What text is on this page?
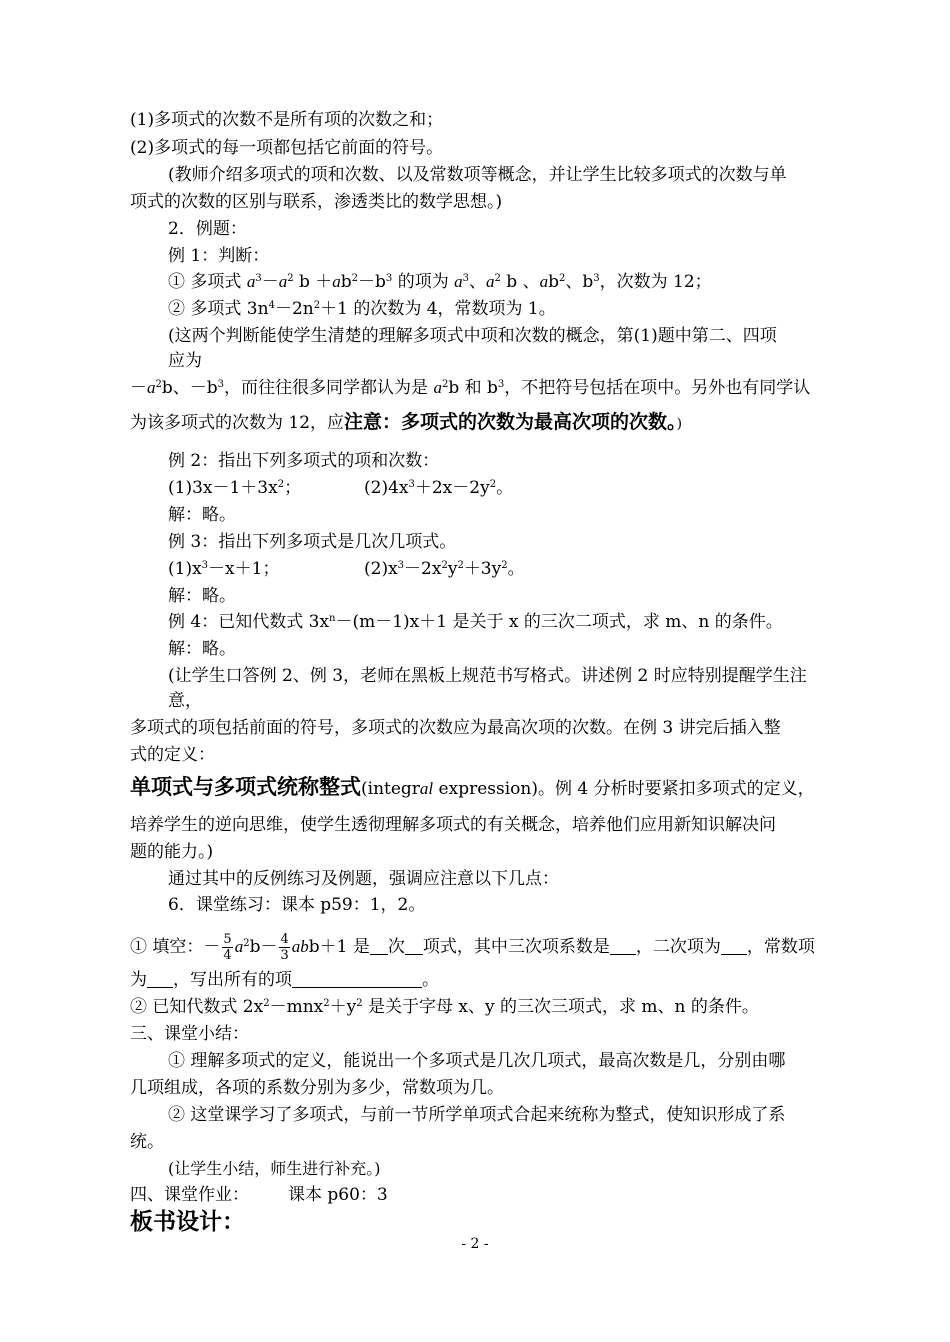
(1)多项式的次数不是所有项的次数之和；
(2)多项式的每一项都包括它前面的符号。
(教师介绍多项式的项和次数、以及常数项等概念，并让学生比较多项式的次数与单
项式的次数的区别与联系，渗透类比的数学思想。)
2．例题：
例 1：判断：
① 多项式 $a^3-a^2$ $b +ab^2-b^3$ 的项为 $a^3$、$a^2$ b 、$ab^2$、$b^3$，次数为 12；
② 多项式 $3n^4-2n^2+1$ 的次数为 4，常数项为 1。
(这两个判断能使学生清楚的理解多项式中项和次数的概念，第(1)题中第二、四项
应为
$-a^2b$、$-b^3$，而往往很多同学都认为是 $a^2b$ 和 $b^3$，不把符号包括在项中。另外也有同学认
为该多项式的次数为 12，应注意：多项式的次数为最高次项的次数。)
例 2：指出下列多项式的项和次数：
$(1)3x-1+3x^2$；	$(2)4x^3+2x-2y^2$。
解：略。
例 3：指出下列多项式是几次几项式。
$(1)x^3-x+1$；	$(2)x^3-2x^2y^2+3y^2$。
解：略。
例 4：已知代数式 $3x^n-(m-1)x+1$ 是关于 x 的三次二项式，求 m、n 的条件。
解：略。
(让学生口答例 2、例 3，老师在黑板上规范书写格式。讲述例 2 时应特别提醒学生注
意，
多项式的项包括前面的符号，多项式的次数应为最高次项的次数。在例 3 讲完后插入整
式的定义：
单项式与多项式统称整式(integral expression)。例 4 分析时要紧扣多项式的定义，
培养学生的逆向思维，使学生透彻理解多项式的有关概念，培养他们应用新知识解决问
题的能力。)
通过其中的反例练习及例题，强调应注意以下几点：
6．课堂练习：课本 p59：1，2。
① 填空：－ $\frac{5}{4} a^2b- \frac{4}{3} abb+1$ 是 次 项式，其中三次项系数是 ，二次项为 ，常数项
为 ，写出所有的项	。
② 已知代数式 $2x^2-mnx^2+y^2$ 是关于字母 x、y 的三次三项式，求 m、n 的条件。
三、课堂小结：
① 理解多项式的定义，能说出一个多项式是几次几项式，最高次数是几，分别由哪
几项组成，各项的系数分别为多少，常数项为几。
② 这堂课学习了多项式，与前一节所学单项式合起来统称为整式，使知识形成了系
统。
(让学生小结，师生进行补充。)
四、课堂作业： 课本 p60：3
板书设计：
- 2 -
